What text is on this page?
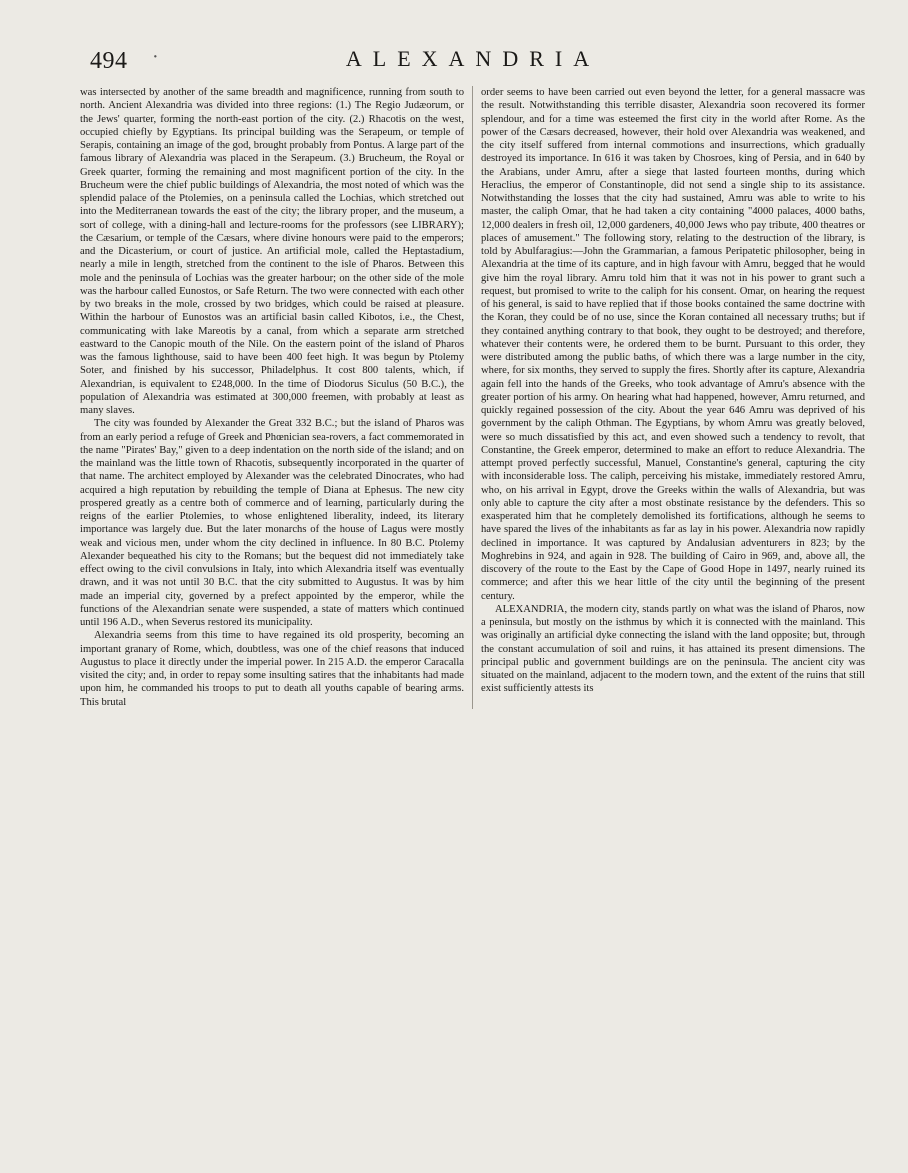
494 ·	ALEXANDRIA

was intersected by another of the same breadth and magnificence, running from south to north. Ancient Alexandria was divided into three regions: (1.) The Regio Judæorum, or the Jews' quarter, forming the north-east portion of the city. (2.) Rhacotis on the west, occupied chiefly by Egyptians. Its principal building was the Serapeum, or temple of Serapis, containing an image of the god, brought probably from Pontus. A large part of the famous library of Alexandria was placed in the Serapeum. (3.) Brucheum, the Royal or Greek quarter, forming the remaining and most magnificent portion of the city. In the Brucheum were the chief public buildings of Alexandria, the most noted of which was the splendid palace of the Ptolemies, on a peninsula called the Lochias, which stretched out into the Mediterranean towards the east of the city; the library proper, and the museum, a sort of college, with a dining-hall and lecture-rooms for the professors (see LIBRARY); the Cæsarium, or temple of the Cæsars, where divine honours were paid to the emperors; and the Dicasterium, or court of justice. An artificial mole, called the Heptastadium, nearly a mile in length, stretched from the continent to the isle of Pharos. Between this mole and the peninsula of Lochias was the greater harbour; on the other side of the mole was the harbour called Eunostos, or Safe Return. The two were connected with each other by two breaks in the mole, crossed by two bridges, which could be raised at pleasure. Within the harbour of Eunostos was an artificial basin called Kibotos, i.e., the Chest, communicating with lake Mareotis by a canal, from which a separate arm stretched eastward to the Canopic mouth of the Nile. On the eastern point of the island of Pharos was the famous lighthouse, said to have been 400 feet high. It was begun by Ptolemy Soter, and finished by his successor, Philadelphus. It cost 800 talents, which, if Alexandrian, is equivalent to £248,000. In the time of Diodorus Siculus (50 B.C.), the population of Alexandria was estimated at 300,000 freemen, with probably at least as many slaves.

The city was founded by Alexander the Great 332 B.C.; but the island of Pharos was from an early period a refuge of Greek and Phœnician sea-rovers, a fact commemorated in the name "Pirates' Bay," given to a deep indentation on the north side of the island; and on the mainland was the little town of Rhacotis, subsequently incorporated in the quarter of that name. The architect employed by Alexander was the celebrated Dinocrates, who had acquired a high reputation by rebuilding the temple of Diana at Ephesus. The new city prospered greatly as a centre both of commerce and of learning, particularly during the reigns of the earlier Ptolemies, to whose enlightened liberality, indeed, its literary importance was largely due. But the later monarchs of the house of Lagus were mostly weak and vicious men, under whom the city declined in influence. In 80 B.C. Ptolemy Alexander bequeathed his city to the Romans; but the bequest did not immediately take effect owing to the civil convulsions in Italy, into which Alexandria itself was eventually drawn, and it was not until 30 B.C. that the city submitted to Augustus. It was by him made an imperial city, governed by a prefect appointed by the emperor, while the functions of the Alexandrian senate were suspended, a state of matters which continued until 196 A.D., when Severus restored its municipality.

Alexandria seems from this time to have regained its old prosperity, becoming an important granary of Rome, which, doubtless, was one of the chief reasons that induced Augustus to place it directly under the imperial power. In 215 A.D. the emperor Caracalla visited the city; and, in order to repay some insulting satires that the inhabitants had made upon him, he commanded his troops to put to death all youths capable of bearing arms. This brutal

order seems to have been carried out even beyond the letter, for a general massacre was the result. Notwithstanding this terrible disaster, Alexandria soon recovered its former splendour, and for a time was esteemed the first city in the world after Rome. As the power of the Cæsars decreased, however, their hold over Alexandria was weakened, and the city itself suffered from internal commotions and insurrections, which gradually destroyed its importance. In 616 it was taken by Chosroes, king of Persia, and in 640 by the Arabians, under Amru, after a siege that lasted fourteen months, during which Heraclius, the emperor of Constantinople, did not send a single ship to its assistance. Notwithstanding the losses that the city had sustained, Amru was able to write to his master, the caliph Omar, that he had taken a city containing "4000 palaces, 4000 baths, 12,000 dealers in fresh oil, 12,000 gardeners, 40,000 Jews who pay tribute, 400 theatres or places of amusement." The following story, relating to the destruction of the library, is told by Abulfaragius:—John the Grammarian, a famous Peripatetic philosopher, being in Alexandria at the time of its capture, and in high favour with Amru, begged that he would give him the royal library. Amru told him that it was not in his power to grant such a request, but promised to write to the caliph for his consent. Omar, on hearing the request of his general, is said to have replied that if those books contained the same doctrine with the Koran, they could be of no use, since the Koran contained all necessary truths; but if they contained anything contrary to that book, they ought to be destroyed; and therefore, whatever their contents were, he ordered them to be burnt. Pursuant to this order, they were distributed among the public baths, of which there was a large number in the city, where, for six months, they served to supply the fires. Shortly after its capture, Alexandria again fell into the hands of the Greeks, who took advantage of Amru's absence with the greater portion of his army. On hearing what had happened, however, Amru returned, and quickly regained possession of the city. About the year 646 Amru was deprived of his government by the caliph Othman. The Egyptians, by whom Amru was greatly beloved, were so much dissatisfied by this act, and even showed such a tendency to revolt, that Constantine, the Greek emperor, determined to make an effort to reduce Alexandria. The attempt proved perfectly successful, Manuel, Constantine's general, capturing the city with inconsiderable loss. The caliph, perceiving his mistake, immediately restored Amru, who, on his arrival in Egypt, drove the Greeks within the walls of Alexandria, but was only able to capture the city after a most obstinate resistance by the defenders. This so exasperated him that he completely demolished its fortifications, although he seems to have spared the lives of the inhabitants as far as lay in his power. Alexandria now rapidly declined in importance. It was captured by Andalusian adventurers in 823; by the Moghrebins in 924, and again in 928. The building of Cairo in 969, and, above all, the discovery of the route to the East by the Cape of Good Hope in 1497, nearly ruined its commerce; and after this we hear little of the city until the beginning of the present century.

ALEXANDRIA, the modern city, stands partly on what was the island of Pharos, now a peninsula, but mostly on the isthmus by which it is connected with the mainland. This was originally an artificial dyke connecting the island with the land opposite; but, through the constant accumulation of soil and ruins, it has attained its present dimensions. The principal public and government buildings are on the peninsula. The ancient city was situated on the mainland, adjacent to the modern town, and the extent of the ruins that still exist sufficiently attests its
